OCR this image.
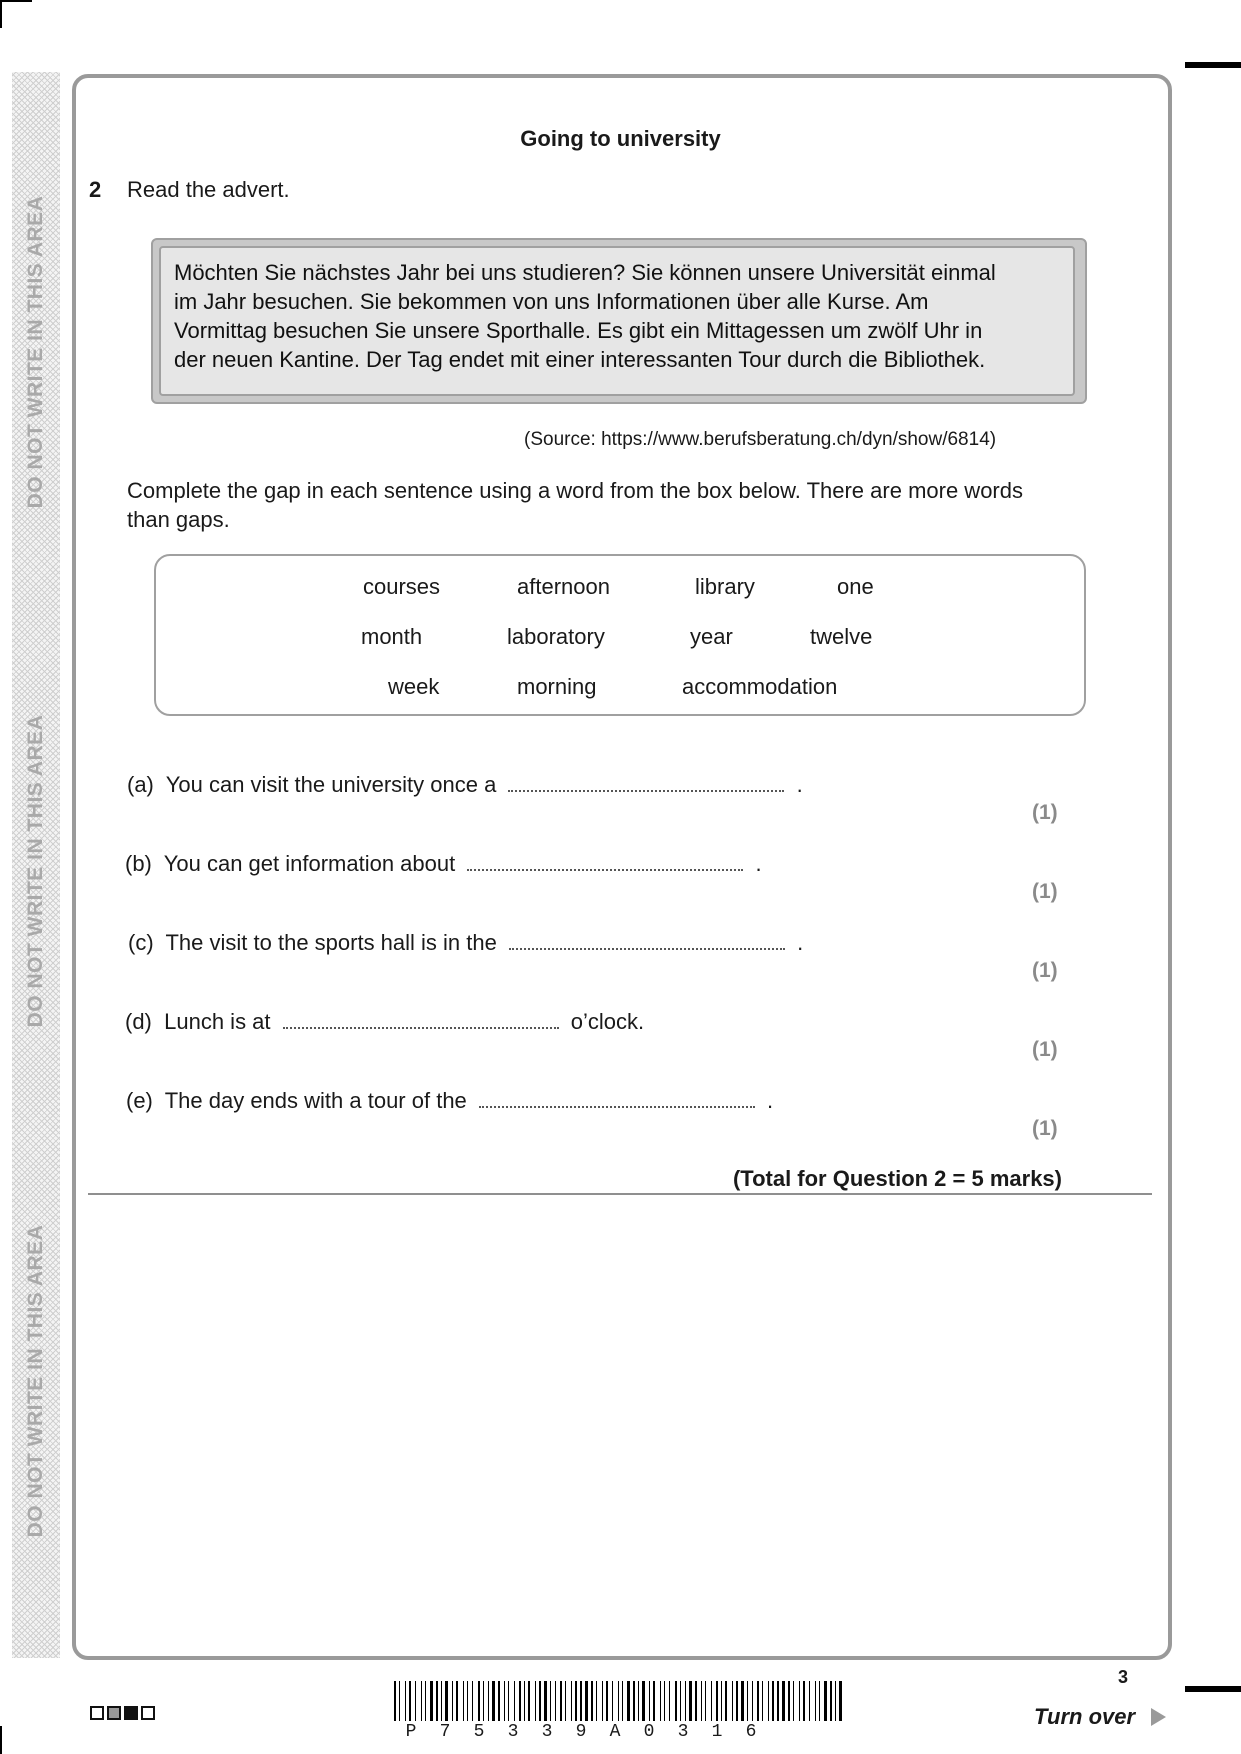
DO NOT WRITE IN THIS AREA
DO NOT WRITE IN THIS AREA
DO NOT WRITE IN THIS AREA
Going to university
2 Read the advert.
Möchten Sie nächstes Jahr bei uns studieren? Sie können unsere Universität einmal
im Jahr besuchen. Sie bekommen von uns Informationen über alle Kurse. Am
Vormittag besuchen Sie unsere Sporthalle. Es gibt ein Mittagessen um zwölf Uhr in
der neuen Kantine. Der Tag endet mit einer interessanten Tour durch die Bibliothek.
(Source: https://www.berufsberatung.ch/dyn/show/6814)
Complete the gap in each sentence using a word from the box below. There are more words than gaps.
courses	afternoon	library	one
month	laboratory	year	twelve
week	morning	accommodation
(a) You can visit the university once a	.
(1)
(b) You can get information about	.
(1)
(c) The visit to the sports hall is in the	.
(1)
(d) Lunch is at	o’clock.
(1)
(e) The day ends with a tour of the	.
(1)
(Total for Question 2 = 5 marks)
P 7 5 3 3 9 A 0 3 1 6
3
Turn over
